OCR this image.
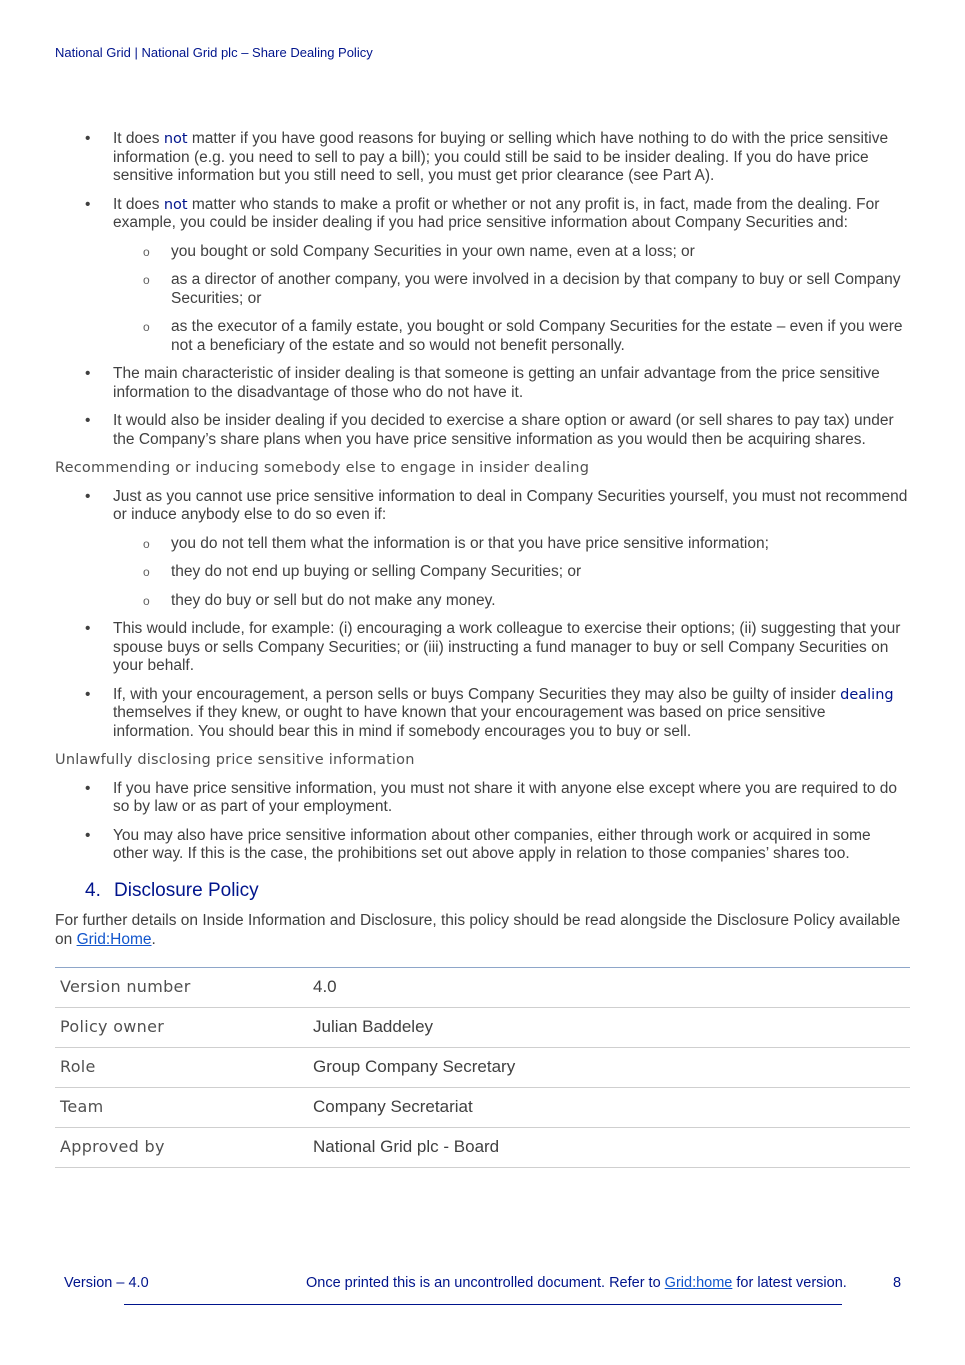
National Grid | National Grid plc – Share Dealing Policy
• It does not matter if you have good reasons for buying or selling which have nothing to do with the price sensitive information (e.g. you need to sell to pay a bill); you could still be said to be insider dealing. If you do have price sensitive information but you still need to sell, you must get prior clearance (see Part A).
• It does not matter who stands to make a profit or whether or not any profit is, in fact, made from the dealing. For example, you could be insider dealing if you had price sensitive information about Company Securities and:
o you bought or sold Company Securities in your own name, even at a loss; or
o as a director of another company, you were involved in a decision by that company to buy or sell Company Securities; or
o as the executor of a family estate, you bought or sold Company Securities for the estate – even if you were not a beneficiary of the estate and so would not benefit personally.
• The main characteristic of insider dealing is that someone is getting an unfair advantage from the price sensitive information to the disadvantage of those who do not have it.
• It would also be insider dealing if you decided to exercise a share option or award (or sell shares to pay tax) under the Company’s share plans when you have price sensitive information as you would then be acquiring shares.
Recommending or inducing somebody else to engage in insider dealing
• Just as you cannot use price sensitive information to deal in Company Securities yourself, you must not recommend or induce anybody else to do so even if:
o you do not tell them what the information is or that you have price sensitive information;
o they do not end up buying or selling Company Securities; or
o they do buy or sell but do not make any money.
• This would include, for example: (i) encouraging a work colleague to exercise their options; (ii) suggesting that your spouse buys or sells Company Securities; or (iii) instructing a fund manager to buy or sell Company Securities on your behalf.
• If, with your encouragement, a person sells or buys Company Securities they may also be guilty of insider dealing themselves if they knew, or ought to have known that your encouragement was based on price sensitive information. You should bear this in mind if somebody encourages you to buy or sell.
Unlawfully disclosing price sensitive information
• If you have price sensitive information, you must not share it with anyone else except where you are required to do so by law or as part of your employment.
• You may also have price sensitive information about other companies, either through work or acquired in some other way. If this is the case, the prohibitions set out above apply in relation to those companies’ shares too.
4. Disclosure Policy

For further details on Inside Information and Disclosure, this policy should be read alongside the Disclosure Policy available on Grid:Home.

Version number	4.0
Policy owner	Julian Baddeley
Role	Group Company Secretary
Team	Company Secretariat
Approved by	National Grid plc - Board
Version – 4.0	Once printed this is an uncontrolled document. Refer to Grid:home for latest version.	8
